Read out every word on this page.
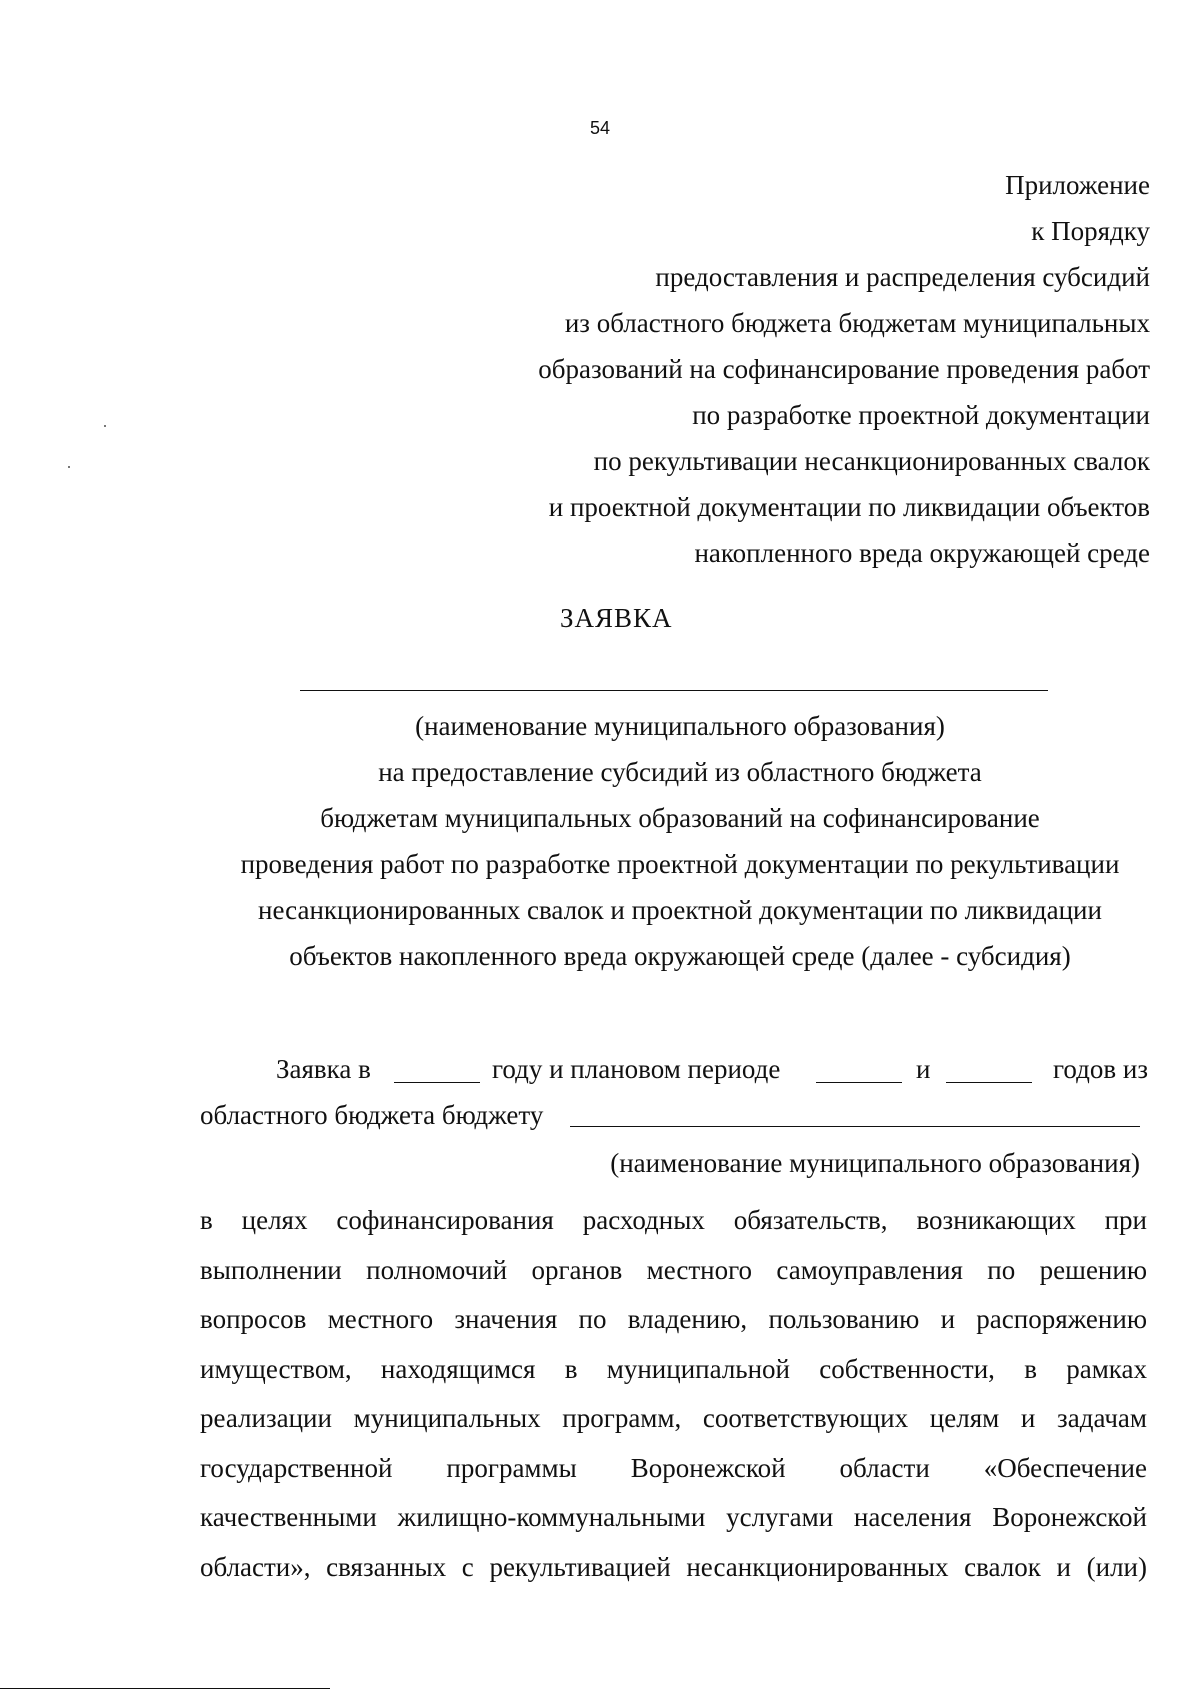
54
Приложение
к Порядку
предоставления и распределения субсидий
из областного бюджета бюджетам муниципальных
образований на софинансирование проведения работ
по разработке проектной документации
по рекультивации несанкционированных свалок
и проектной документации по ликвидации объектов
накопленного вреда окружающей среде
ЗАЯВКА
(наименование муниципального образования)
на предоставление субсидий из областного бюджета
бюджетам муниципальных образований на софинансирование
проведения работ по разработке проектной документации по рекультивации
несанкционированных свалок и проектной документации по ликвидации
объектов накопленного вреда окружающей среде (далее - субсидия)
Заявка в	году и плановом периоде	и	годов из
областного бюджета бюджету
(наименование муниципального образования)
в целях софинансирования расходных обязательств, возникающих при
выполнении полномочий органов местного самоуправления по решению
вопросов местного значения по владению, пользованию и распоряжению
имуществом, находящимся в муниципальной собственности, в рамках
реализации муниципальных программ, соответствующих целям и задачам
государственной программы Воронежской области «Обеспечение
качественными жилищно-коммунальными услугами населения Воронежской
области», связанных с рекультивацией несанкционированных свалок и (или)
